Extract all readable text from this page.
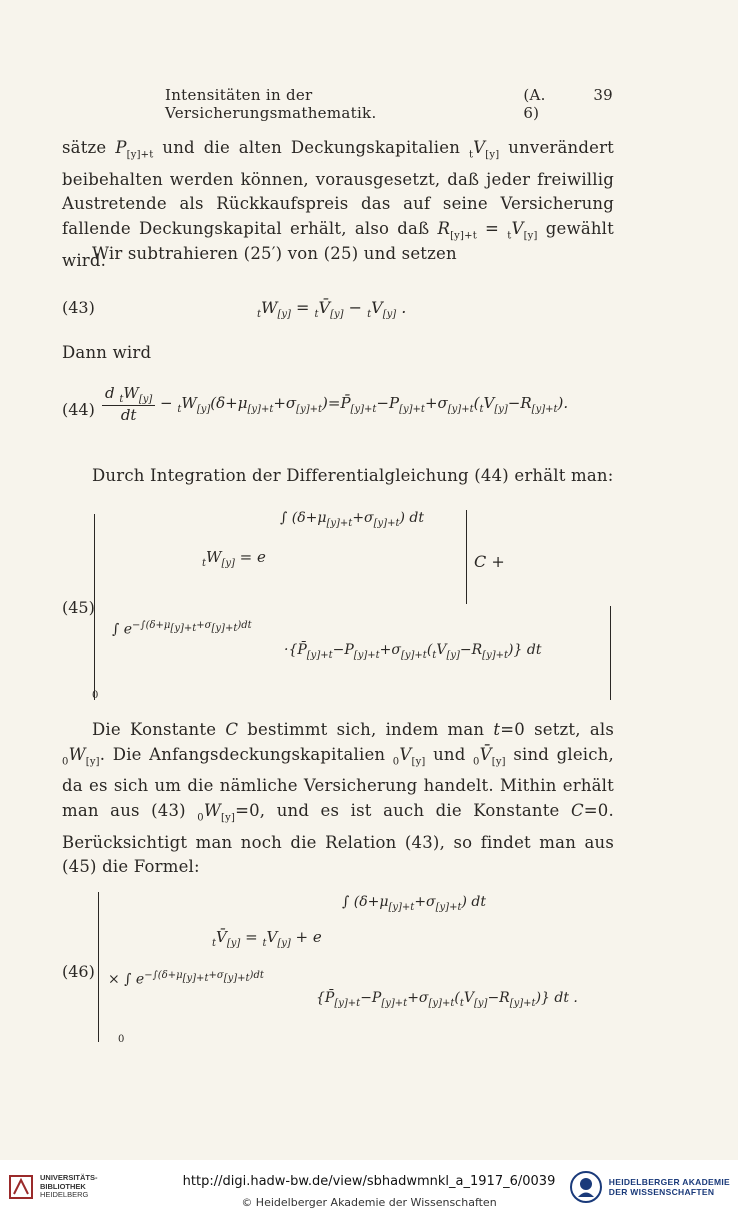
Intensitäten in der Versicherungsmathematik.
(A. 6)
39

sätze $P_{[y]+t}$ und die alten Deckungskapitalien $_tV_{[y]}$ unverändert beibehalten werden können, vorausgesetzt, daß jeder freiwillig Austretende als Rückkaufspreis das auf seine Versicherung fallende Deckungskapital erhält, also daß $R_{[y]+t} = _tV_{[y]}$ gewählt wird.

Wir subtrahieren (25′) von (25) und setzen

(43)	$_tW_{[y]}$ = $_tV̄_{[y]} - _tV_{[y]}$ .

Dann wird

$(44) \frac{d _tW_{[y]}}{dt}$ − $_tW_{[y]}(\delta+\mu_{[y]+t}+\sigma_{[y]+t})=P̄_{[y]+t}-P_{[y]+t}+\sigma_{[y]+t}(_tV_{[y]}-R_{[y]+t})$.

Durch Integration der Differentialgleichung (44) erhält man:

(45)
$_tW_{[y]} = e$
∫ $(\delta+\mu_{[y]+t}+\sigma_{[y]+t})$ dt
C +
∫ $e^{-\int(\delta+\mu_{[y]+t}+\sigma_{[y]+t})dt}$
$\cdot\{P̄_{[y]+t}-P_{[y]+t}+\sigma_{[y]+t}(_tV_{[y]}-R_{[y]+t})\}$ dt
0

Die Konstante C bestimmt sich, indem man t=0 setzt, als $_0W_{[y]}$. Die Anfangsdeckungskapitalien $_0V_{[y]}$ und $_0V̄_{[y]}$ sind gleich, da es sich um die nämliche Versicherung handelt. Mithin erhält man aus (43) $_0W_{[y]}=0$, und es ist auch die Konstante C=0. Berücksichtigt man noch die Relation (43), so findet man aus (45) die Formel:

(46)
$_tV̄_{[y]} = _tV_{[y]} + e$
∫ $(\delta+\mu_{[y]+t}+\sigma_{[y]+t})$ dt
× ∫ $e^{-\int(\delta+\mu_{[y]+t}+\sigma_{[y]+t})dt}$
$\{P̄_{[y]+t}-P_{[y]+t}+\sigma_{[y]+t}(_tV_{[y]}-R_{[y]+t})\}$ dt .
0
UNIVERSITÄTS-
BIBLIOTHEK
HEIDELBERG
http://digi.hadw-bw.de/view/sbhadwmnkl_a_1917_6/0039
© Heidelberger Akademie der Wissenschaften
HEIDELBERGER AKADEMIE
DER WISSENSCHAFTEN
